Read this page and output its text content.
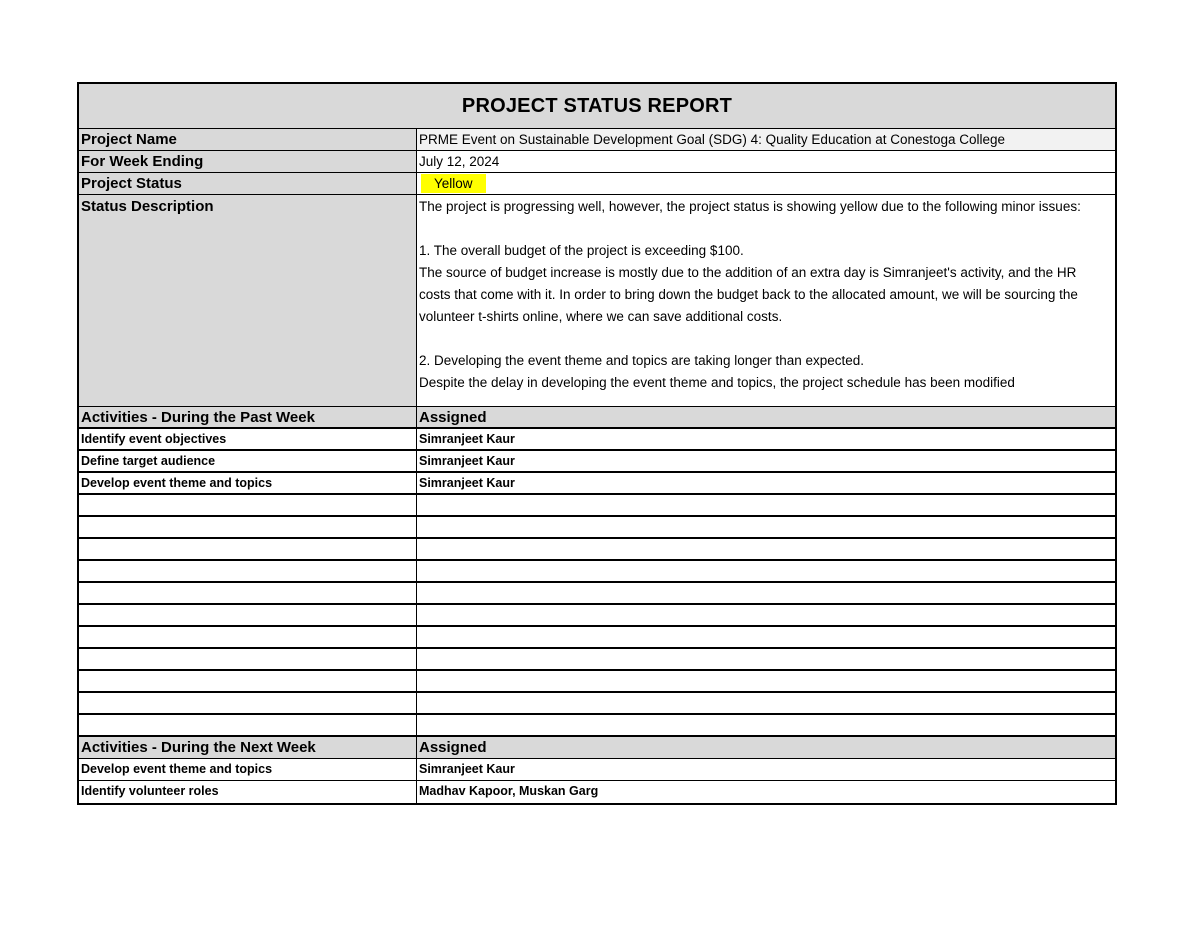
PROJECT STATUS REPORT
Project Name	PRME Event on Sustainable Development Goal (SDG) 4: Quality Education at Conestoga College
For Week Ending	July 12, 2024
Project Status	Yellow
Status Description	The project is progressing well, however, the project status is showing yellow due to the following minor issues:

1. The overall budget of the project is exceeding $100.

The source of budget increase is mostly due to the addition of an extra day is Simranjeet's activity, and the HR costs that come with it. In order to bring down the budget back to the allocated amount, we will be sourcing the volunteer t-shirts online, where we can save additional costs.

2. Developing the event theme and topics are taking longer than expected.

Despite the delay in developing the event theme and topics, the project schedule has been modified

Activities - During the Past Week	Assigned
Identify event objectives	Simranjeet Kaur
Define target audience	Simranjeet Kaur
Develop event theme and topics	Simranjeet Kaur
Activities - During the Next Week	Assigned
Develop event theme and topics	Simranjeet Kaur
Identify volunteer roles	Madhav Kapoor, Muskan Garg
